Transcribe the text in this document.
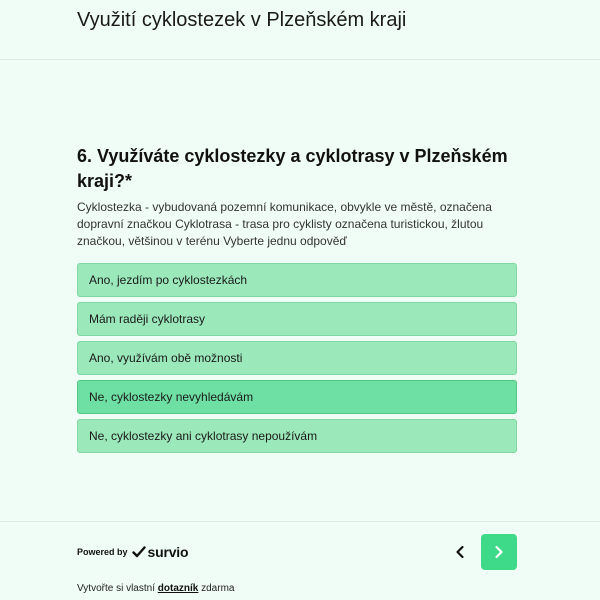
Využití cyklostezek v Plzeňském kraji
6. Využíváte cyklostezky a cyklotrasy v Plzeňském kraji?*

Cyklostezka - vybudovaná pozemní komunikace, obvykle ve městě, označena dopravní značkou Cyklotrasa - trasa pro cyklisty označena turistickou, žlutou značkou, většinou v terénu Vyberte jednu odpověď

Ano, jezdím po cyklostezkách
Mám raději cyklotrasy
Ano, využívám obě možnosti
Ne, cyklostezky nevyhledávám
Ne, cyklostezky ani cyklotrasy nepoužívám
Powered by survio
Vytvořte si vlastní dotazník zdarma
